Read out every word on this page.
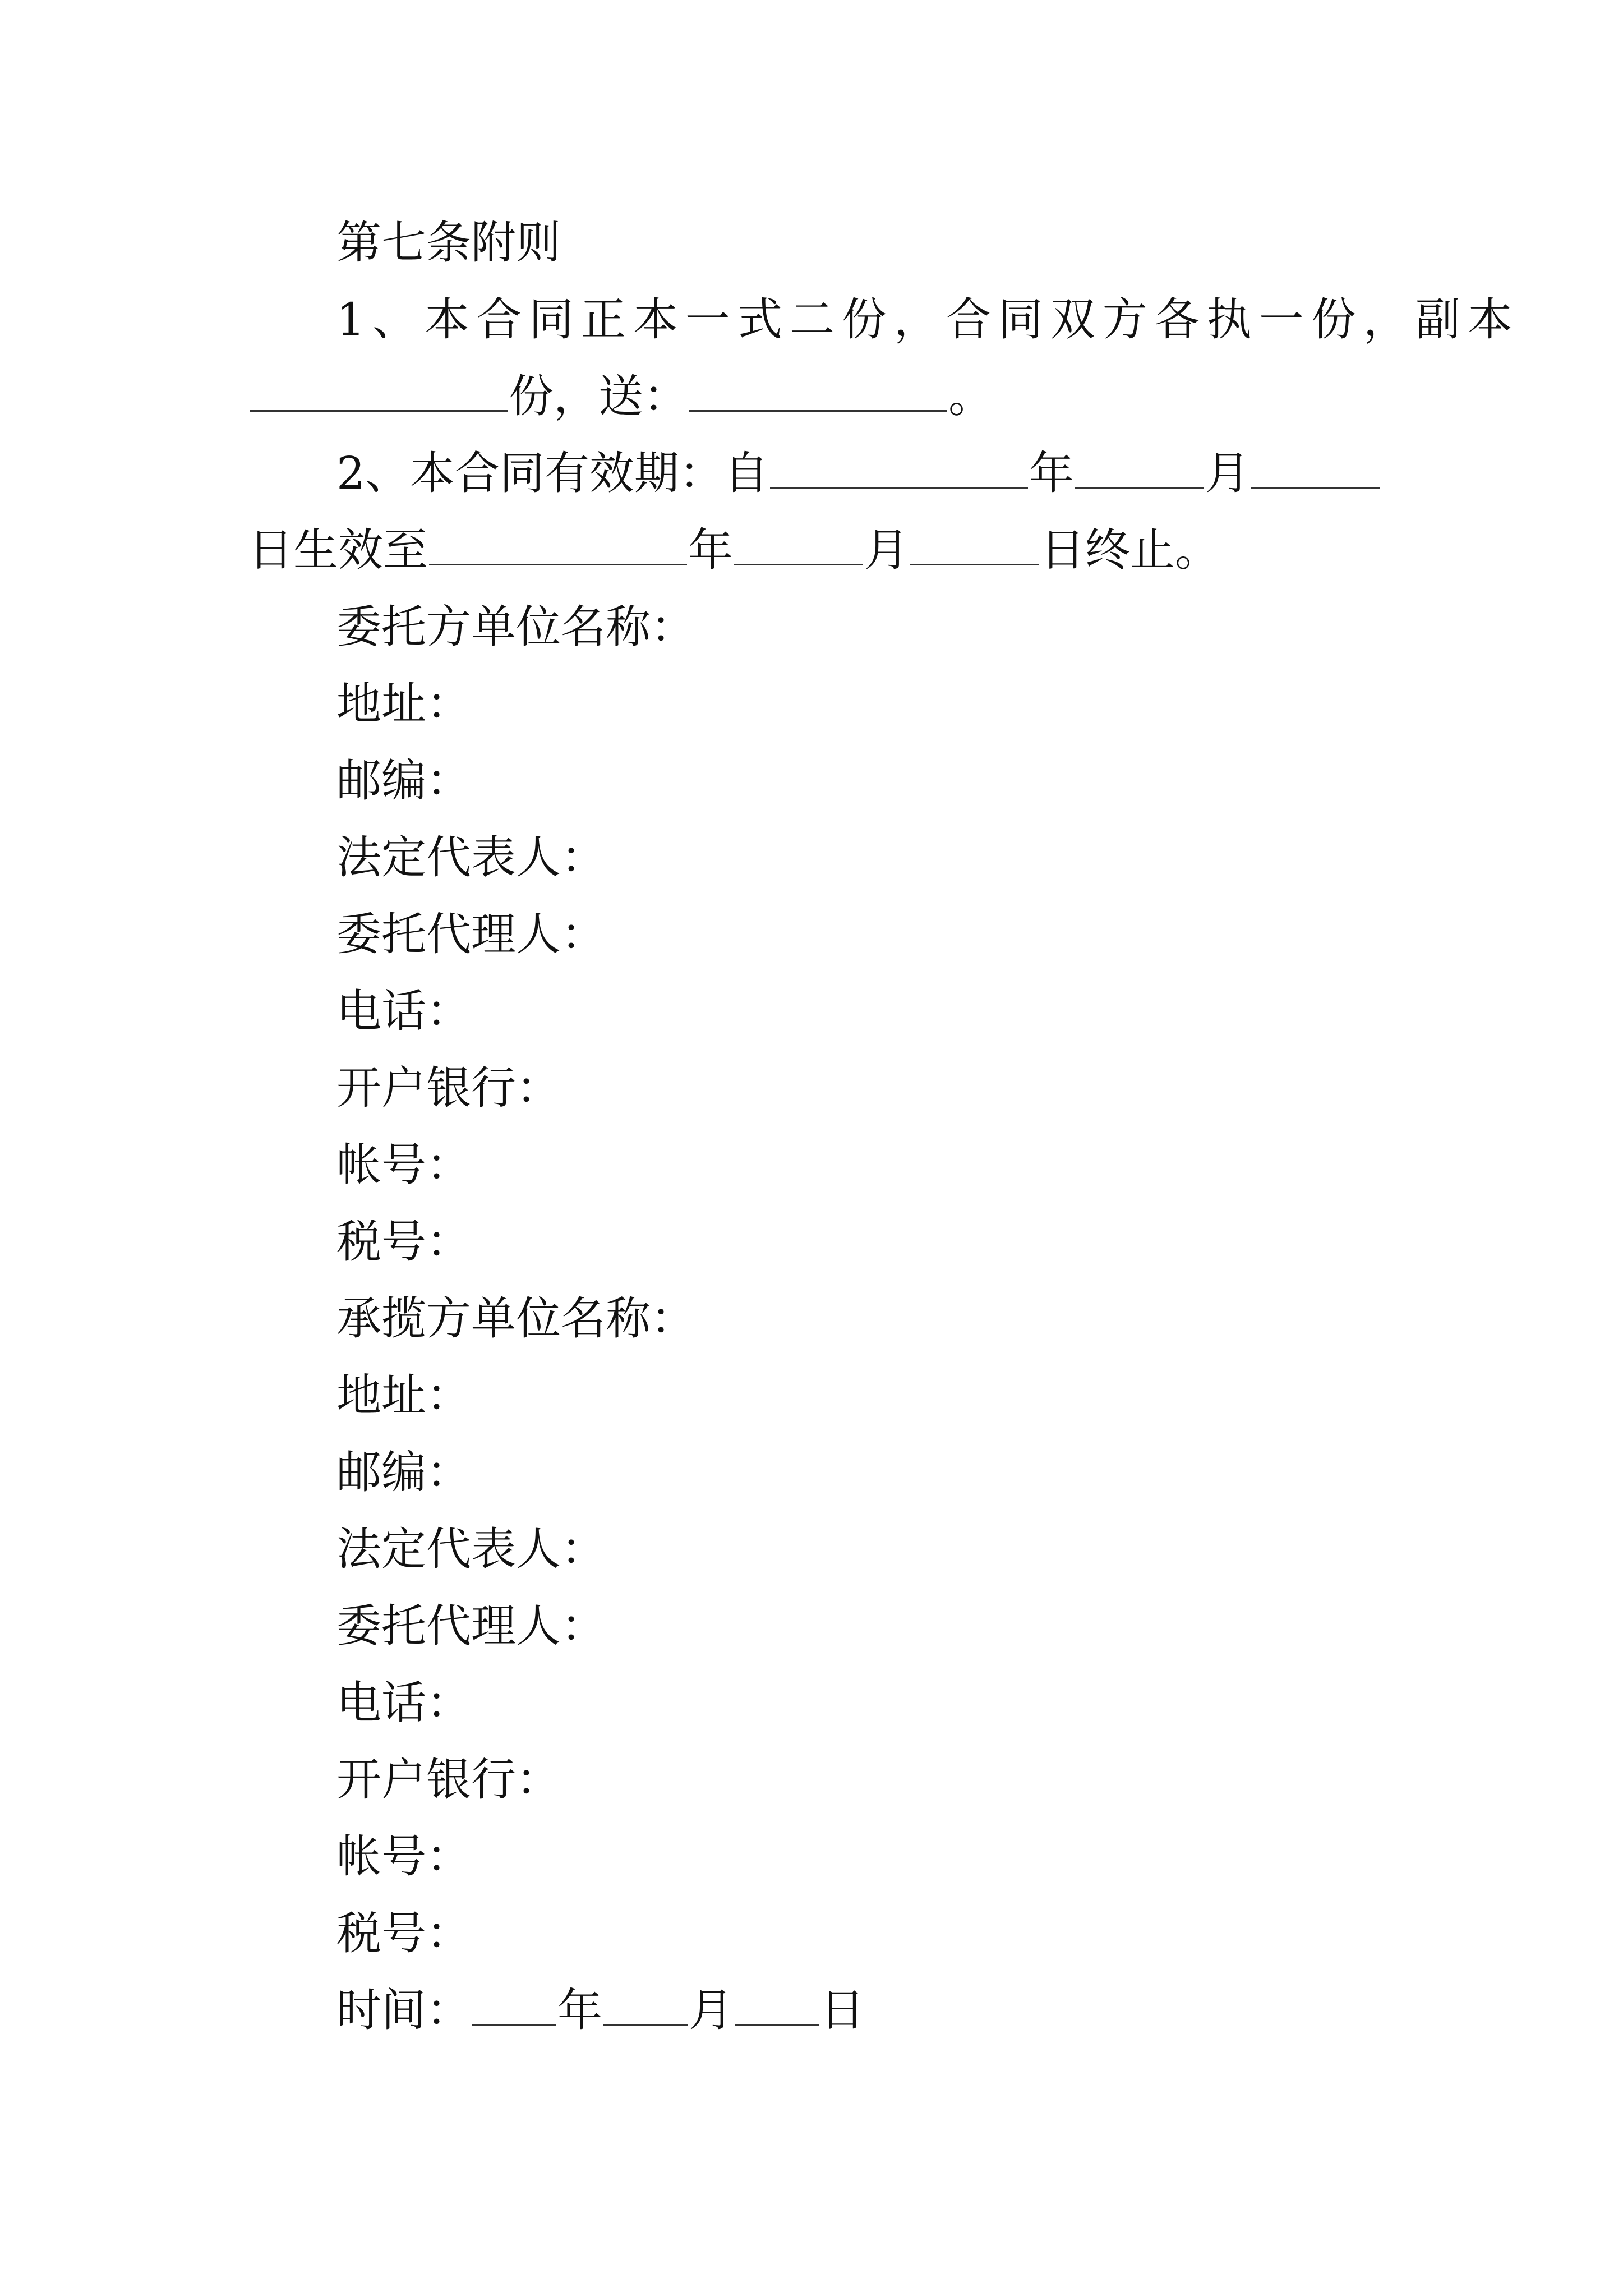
第七条附则
1、本合同正本一式二份，合同双方各执一份，副本
份，送：	。
2、本合同有效期：自	年	月
日生效至	年	月	日终止。
委托方单位名称：
地址：
邮编：
法定代表人：
委托代理人：
电话：
开户银行：
帐号：
税号：
承揽方单位名称：
地址：
邮编：
法定代表人：
委托代理人：
电话：
开户银行：
帐号：
税号：
时间： 年 月 日
